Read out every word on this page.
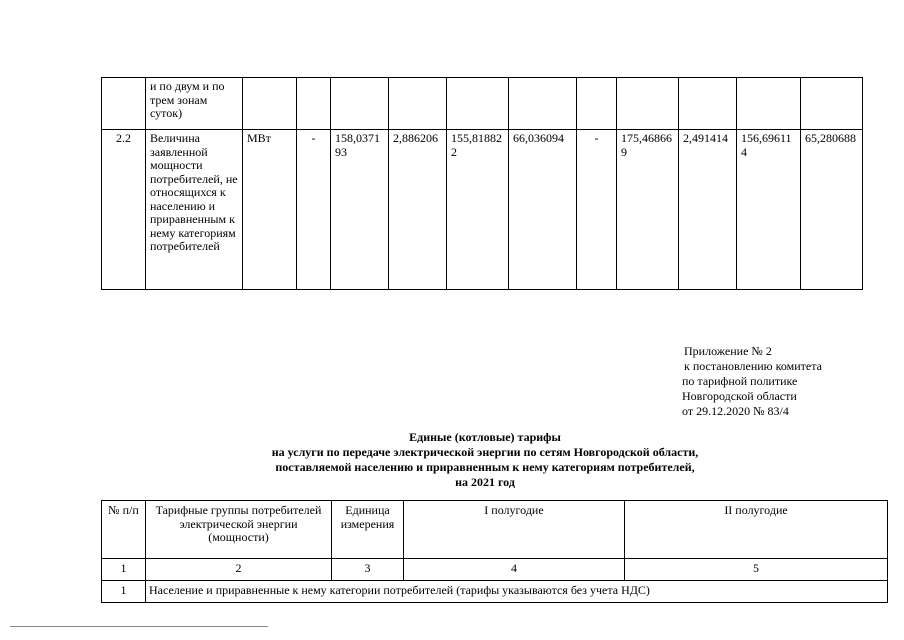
	и по двум и по трем зонам суток)											
2.2	Величина заявленной мощности потребителей, не относящихся к населению и приравненным к нему категориям потребителей	МВт	-	158,037193	2,886206	155,818822	66,036094	-	175,468669	2,491414	156,696114	65,280688
Приложение № 2
к постановлению комитета
по тарифной политике
Новгородской области
от 29.12.2020 № 83/4
Единые (котловые) тарифы
на услуги по передаче электрической энергии по сетям Новгородской области,
поставляемой населению и приравненным к нему категориям потребителей,
на 2021 год
№ п/п	Тарифные группы потребителей электрической энергии (мощности)	Единица измерения	I полугодие	II полугодие
1	2	3	4	5
1	Население и приравненные к нему категории потребителей (тарифы указываются без учета НДС)			
